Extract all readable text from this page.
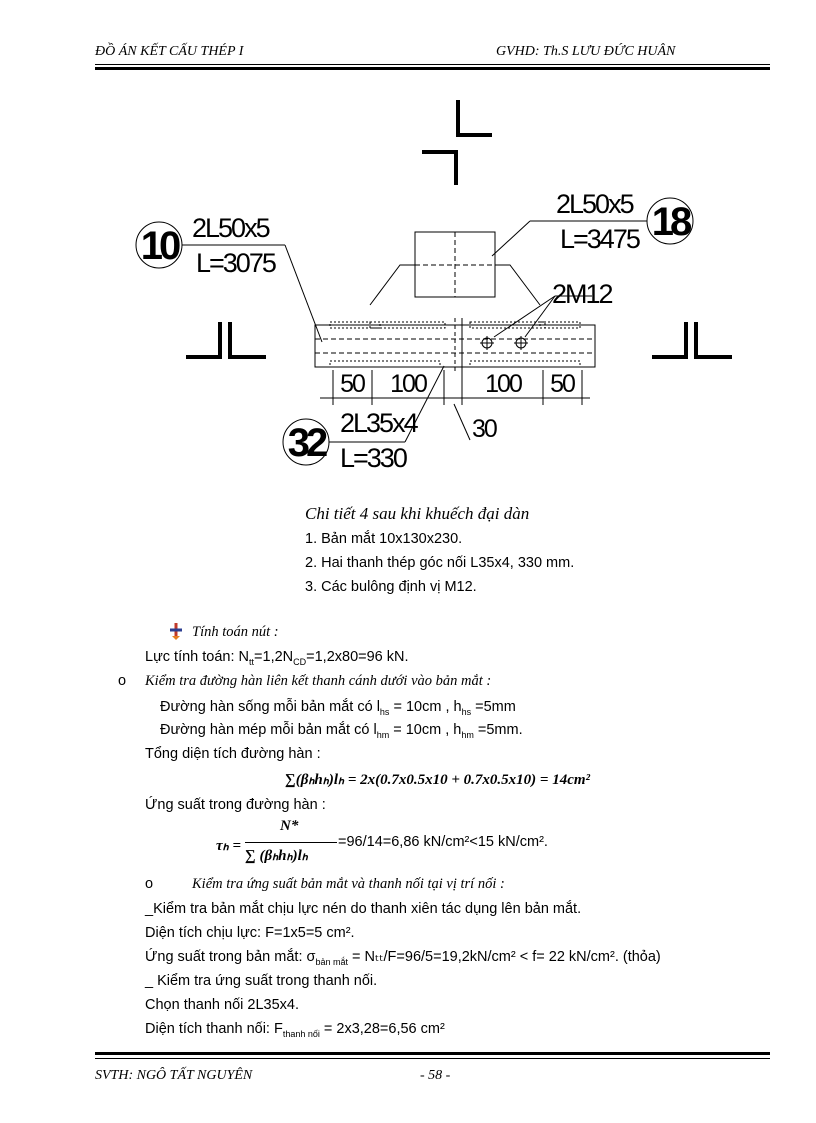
ĐỒ ÁN KẾT CẤU THÉP I	GVHD: Th.S LƯU ĐỨC HUÂN
10 2L50x5
L=3075
18
2L50x5
L=3475
2M12
32 2L35x4
L=330
50 100 100 50
30
Chi tiết 4 sau khi khuếch đại dàn
1. Bản mắt 10x130x230.
2. Hai thanh thép góc nối L35x4, 330 mm.
3. Các bulông định vị M12.
Tính toán nút :
Lực tính toán: $N_{tt}=1,2N_{CD}=1,2x80=96$ kN.
o Kiểm tra đường hàn liên kết thanh cánh dưới vào bản mắt :
Đường hàn sống mỗi bản mắt có $l_{hs} = 10cm$ , $h_{hs} =5mm$
Đường hàn mép mỗi bản mắt có $l_{hm} = 10cm$ , $h_{hm} =5mm$.
Tổng diện tích đường hàn :
∑(βₕhₕ)lₕ = 2x(0.7x0.5x10 + 0.7x0.5x10) = 14cm²
Ứng suất trong đường hàn :
τₕ =
N*
∑ (βₕhₕ)lₕ
=96/14=6,86 kN/cm²<15 kN/cm².
o	Kiểm tra ứng suất bản mắt và thanh nối tại vị trí nối :
_Kiểm tra bản mắt chịu lực nén do thanh xiên tác dụng lên bản mắt.
Diện tích chịu lực: F=1x5=5 cm².
Ứng suất trong bản mắt: $\sigma_{bản mắt} = N_{tt}/F=96/5=19,2kN/cm^2 < f= 22$ kN/cm². (thỏa)
_ Kiểm tra ứng suất trong thanh nối.
Chọn thanh nối 2L35x4.
Diện tích thanh nối: $F_{thanh nối} = 2x3,28=6,56$ cm²
SVTH: NGÔ TẤT NGUYÊN	- 58 -
